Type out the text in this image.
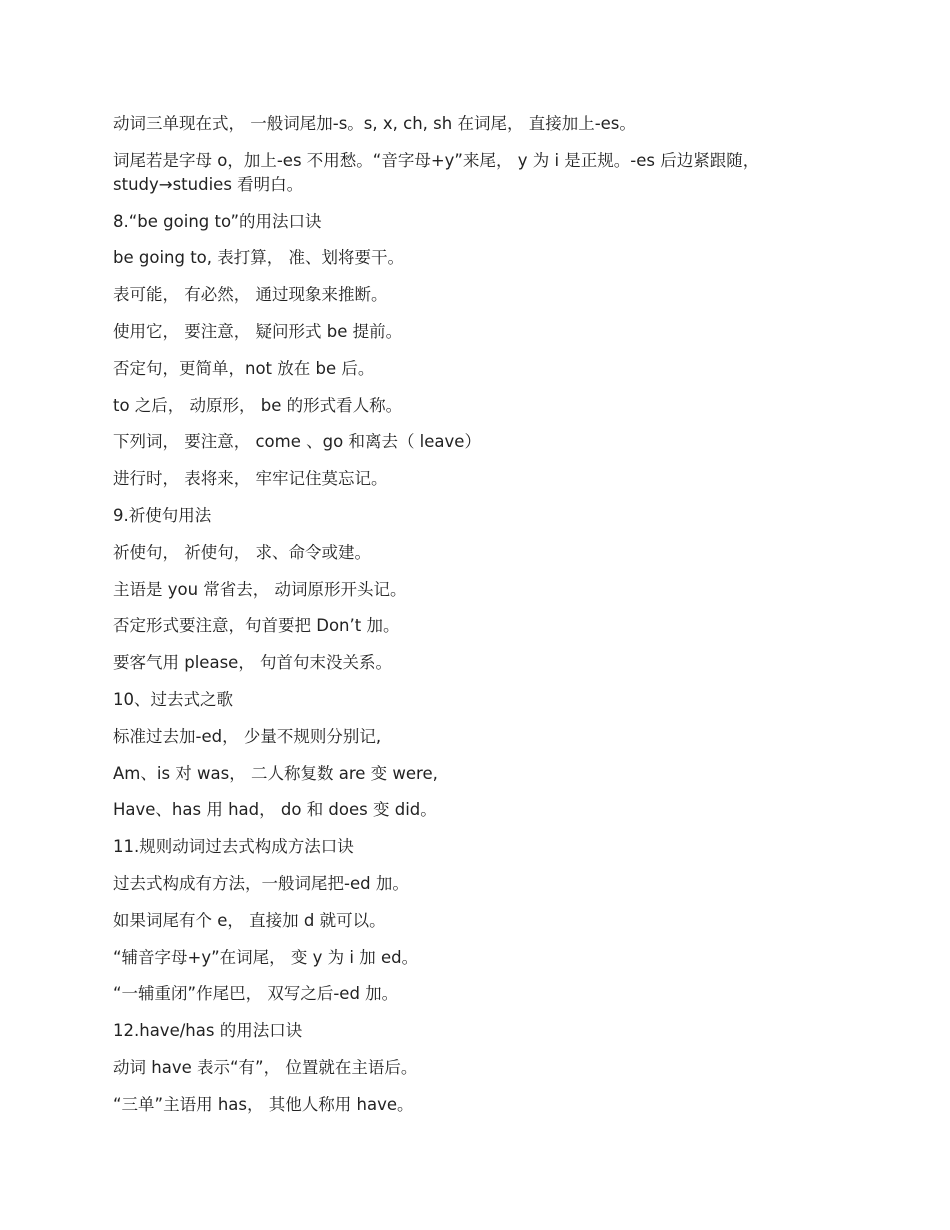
动词三单现在式， 一般词尾加-s。s, x, ch, sh 在词尾， 直接加上-es。

词尾若是字母 o，加上-es 不用愁。“音字母+y”来尾， y 为 i 是正规。-es 后边紧跟随，study→studies 看明白。

8.“be going to”的用法口诀

be going to, 表打算， 准、划将要干。

表可能， 有必然， 通过现象来推断。

使用它， 要注意， 疑问形式 be 提前。

否定句，更简单，not 放在 be 后。

to 之后， 动原形， be 的形式看人称。

下列词， 要注意， come 、go 和离去（ leave）

进行时， 表将来， 牢牢记住莫忘记。

9.祈使句用法

祈使句， 祈使句， 求、命令或建。

主语是 you 常省去， 动词原形开头记。

否定形式要注意，句首要把 Don’t 加。

要客气用 please， 句首句末没关系。

10、过去式之歌

标准过去加-ed， 少量不规则分别记,

Am、is 对 was， 二人称复数 are 变 were,

Have、has 用 had， do 和 does 变 did。

11.规则动词过去式构成方法口诀

过去式构成有方法，一般词尾把-ed 加。

如果词尾有个 e， 直接加 d 就可以。

“辅音字母+y”在词尾， 变 y 为 i 加 ed。

“一辅重闭”作尾巴， 双写之后-ed 加。

12.have/has 的用法口诀

动词 have 表示“有”， 位置就在主语后。

“三单”主语用 has， 其他人称用 have。
